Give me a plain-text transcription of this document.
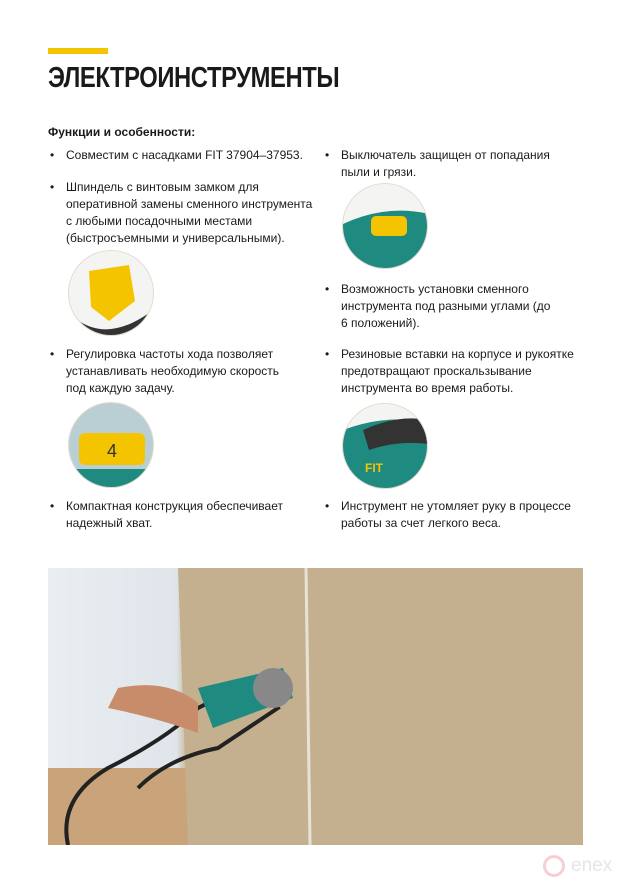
ЭЛЕКТРОИНСТРУМЕНТЫ
Функции и особенности:
• Совместим с насадками FIT 37904–37953.
• Шпиндель с винтовым замком для оперативной замены сменного инструмента с любыми посадочными местами (быстросъемными и универсальными).
• Регулировка частоты хода позволяет устанавливать необходимую скорость под каждую задачу.
• Компактная конструкция обеспечивает надежный хват.
• Выключатель защищен от попадания пыли и грязи.
• Возможность установки сменного инструмента под разными углами (до 6 положений).
• Резиновые вставки на корпусе и рукоятке предотвращают проскальзывание инструмента во время работы.
• Инструмент не утомляет руку в процессе работы за счет легкого веса.
4
FIT
enex
